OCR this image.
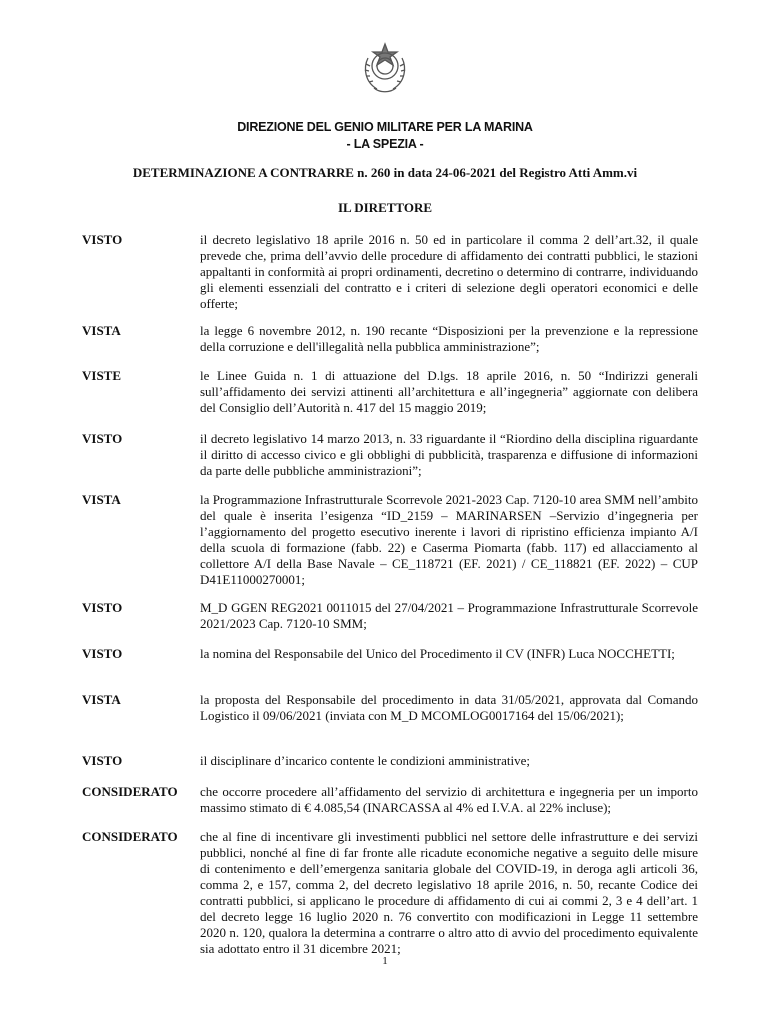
DIREZIONE DEL GENIO MILITARE PER LA MARINA
- LA SPEZIA -
DETERMINAZIONE A CONTRARRE n. 260 in data 24-06-2021 del Registro Atti Amm.vi
IL DIRETTORE
VISTO	il decreto legislativo 18 aprile 2016 n. 50 ed in particolare il comma 2 dell’art.32, il quale prevede che, prima dell’avvio delle procedure di affidamento dei contratti pubblici, le stazioni appaltanti in conformità ai propri ordinamenti, decretino o determino di contrarre, individuando gli elementi essenziali del contratto e i criteri di selezione degli operatori economici e delle offerte;
VISTA	la legge 6 novembre 2012, n. 190 recante “Disposizioni per la prevenzione e la repressione della corruzione e dell'illegalità nella pubblica amministrazione”;
VISTE	le Linee Guida n. 1 di attuazione del D.lgs. 18 aprile 2016, n. 50 “Indirizzi generali sull’affidamento dei servizi attinenti all’architettura e all’ingegneria” aggiornate con delibera del Consiglio dell’Autorità n. 417 del 15 maggio 2019;
VISTO	il decreto legislativo 14 marzo 2013, n. 33 riguardante il “Riordino della disciplina riguardante il diritto di accesso civico e gli obblighi di pubblicità, trasparenza e diffusione di informazioni da parte delle pubbliche amministrazioni”;
VISTA	la Programmazione Infrastrutturale Scorrevole 2021-2023 Cap. 7120-10 area SMM nell’ambito del quale è inserita l’esigenza “ID_2159 – MARINARSEN –Servizio d’ingegneria per l’aggiornamento del progetto esecutivo inerente i lavori di ripristino efficienza impianto A/I della scuola di formazione (fabb. 22) e Caserma Piomarta (fabb. 117) ed allacciamento al collettore A/I della Base Navale – CE_118721 (EF. 2021) / CE_118821 (EF. 2022) – CUP D41E11000270001;
VISTO	M_D GGEN REG2021 0011015 del 27/04/2021 – Programmazione Infrastrutturale Scorrevole 2021/2023 Cap. 7120-10 SMM;
VISTO	la nomina del Responsabile del Unico del Procedimento il CV (INFR) Luca NOCCHETTI;
VISTA	la proposta del Responsabile del procedimento in data 31/05/2021, approvata dal Comando Logistico il 09/06/2021 (inviata con M_D MCOMLOG0017164 del 15/06/2021);
VISTO	il disciplinare d’incarico contente le condizioni amministrative;
CONSIDERATO che occorre procedere all’affidamento del servizio di architettura e ingegneria per un importo massimo stimato di € 4.085,54 (INARCASSA al 4% ed I.V.A. al 22% incluse);
CONSIDERATO che al fine di incentivare gli investimenti pubblici nel settore delle infrastrutture e dei servizi pubblici, nonché al fine di far fronte alle ricadute economiche negative a seguito delle misure di contenimento e dell’emergenza sanitaria globale del COVID-19, in deroga agli articoli 36, comma 2, e 157, comma 2, del decreto legislativo 18 aprile 2016, n. 50, recante Codice dei contratti pubblici, si applicano le procedure di affidamento di cui ai commi 2, 3 e 4 dell’art. 1 del decreto legge 16 luglio 2020 n. 76 convertito con modificazioni in Legge 11 settembre 2020 n. 120, qualora la determina a contrarre o altro atto di avvio del procedimento equivalente sia adottato entro il 31 dicembre 2021;
1
